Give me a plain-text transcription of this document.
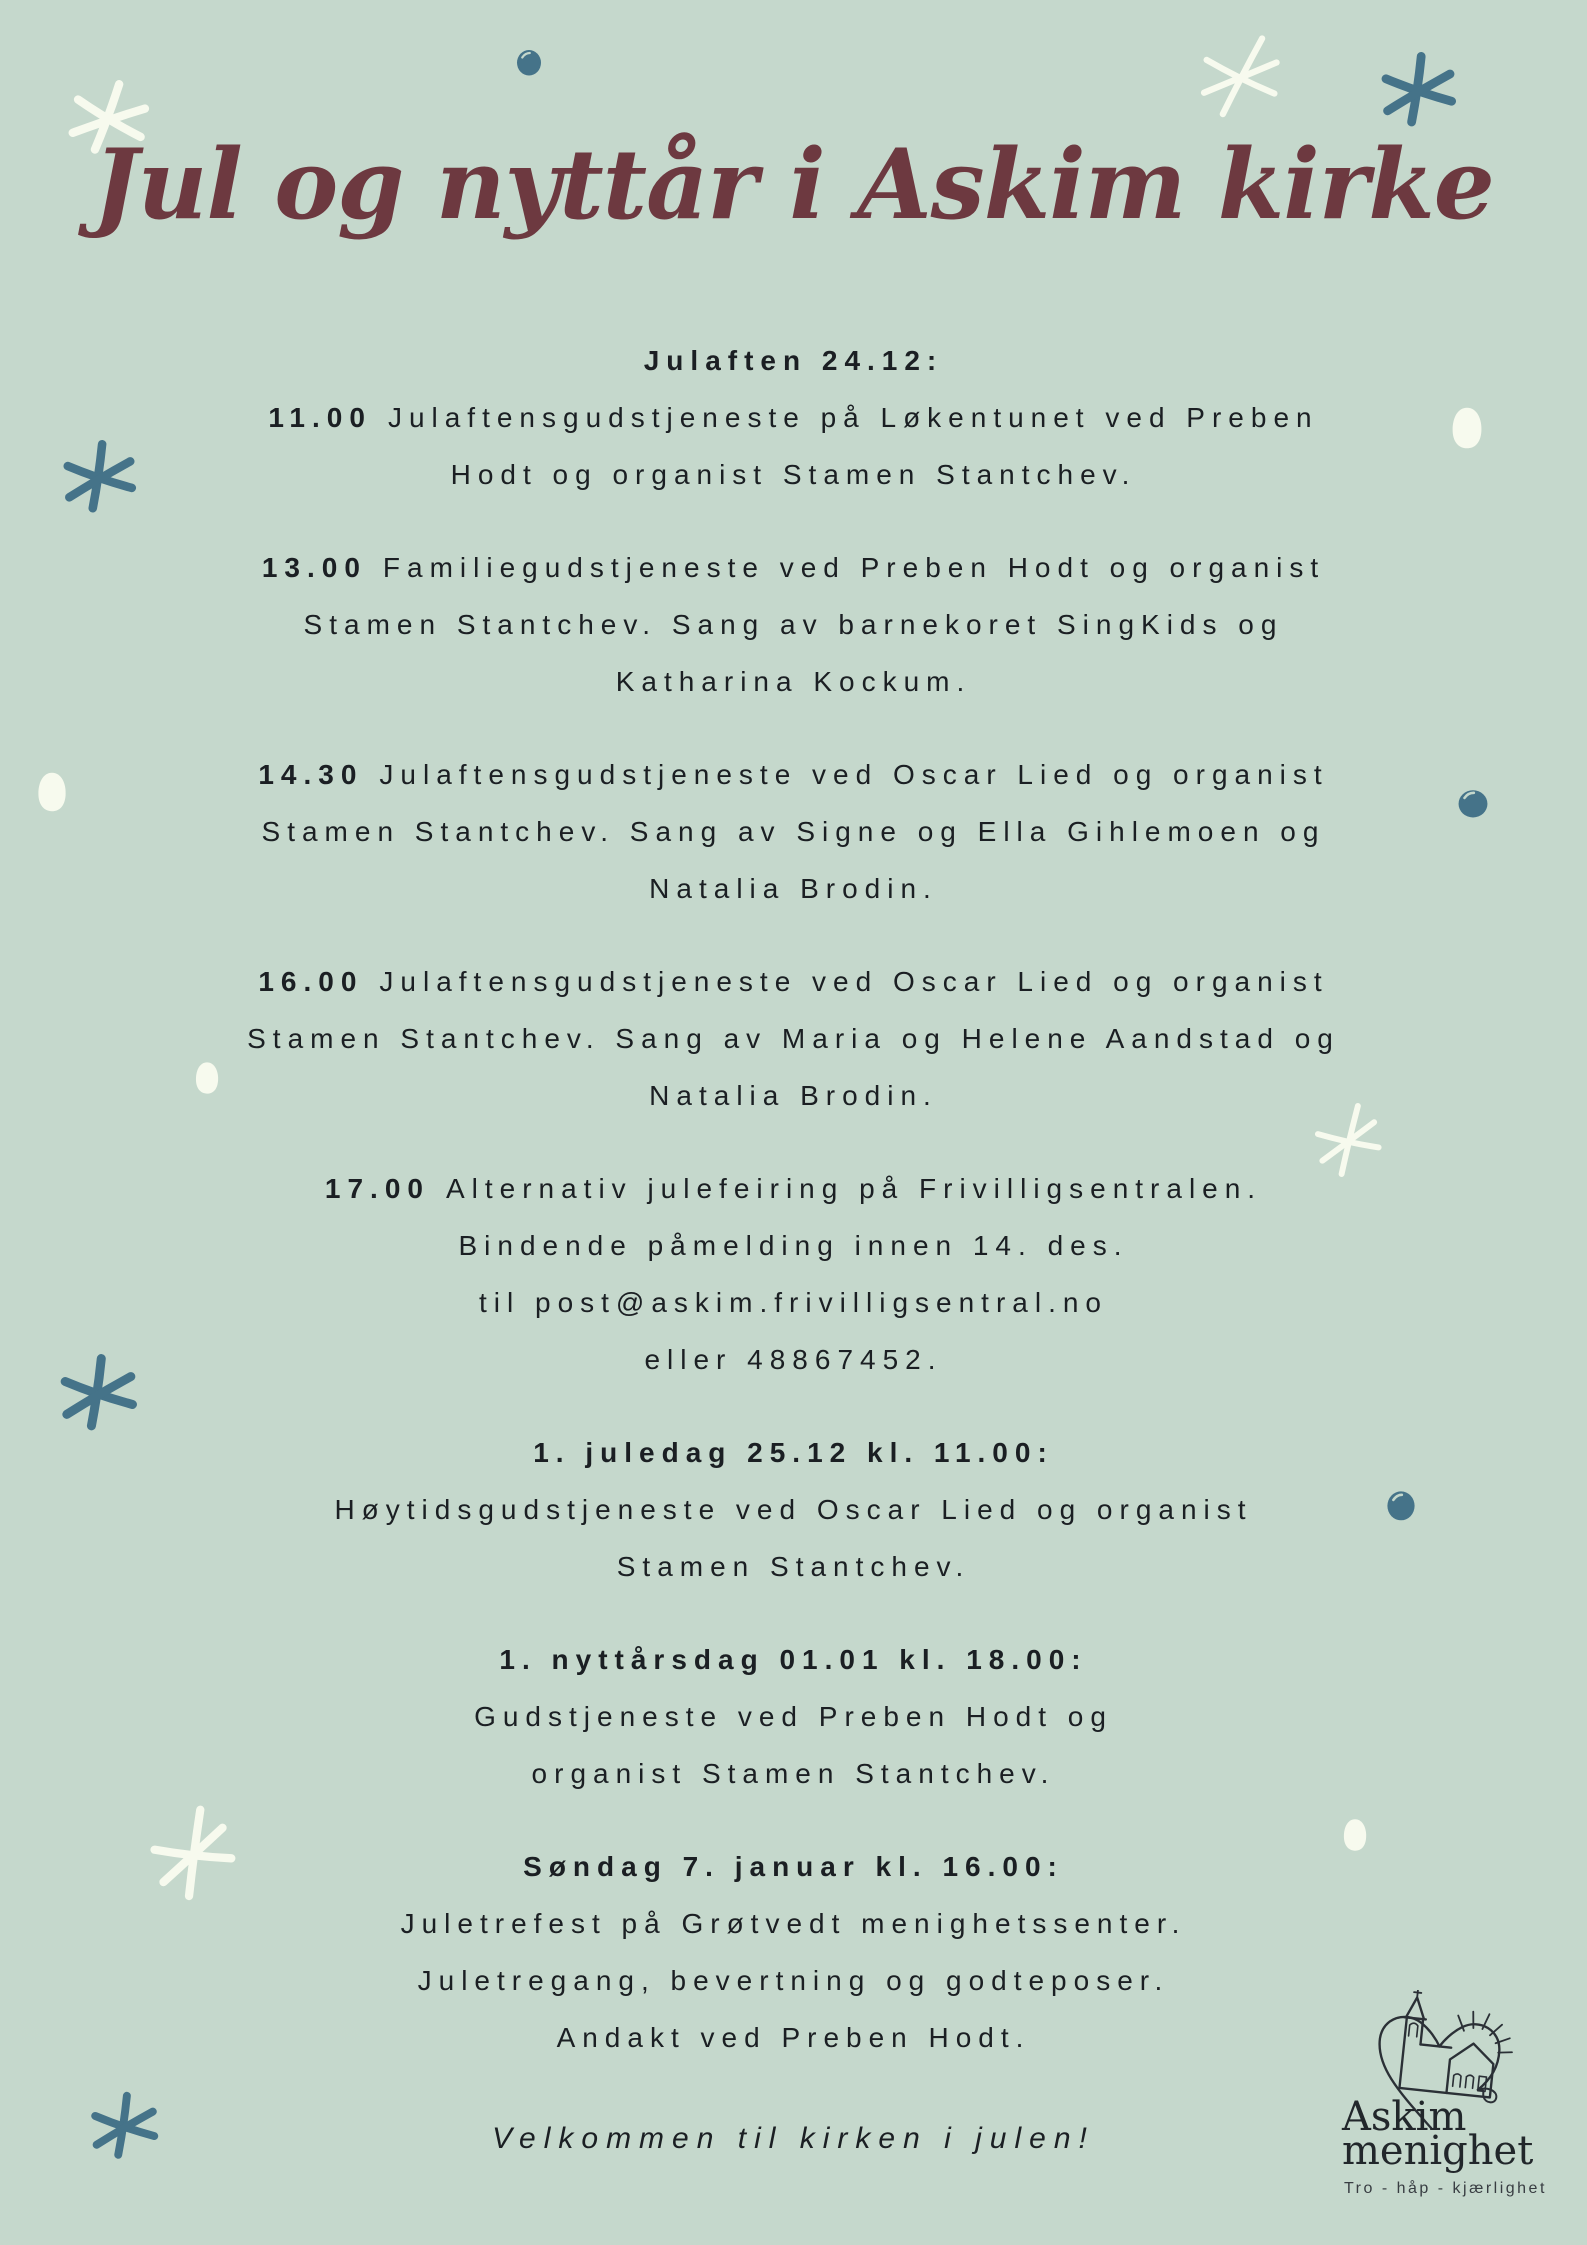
Jul og nyttår i Askim kirke

Julaften 24.12:

11.00 Julaftensgudstjeneste på Løkentunet ved Preben
Hodt og organist Stamen Stantchev.

13.00 Familiegudstjeneste ved Preben Hodt og organist
Stamen Stantchev. Sang av barnekoret SingKids og
Katharina Kockum.

14.30 Julaftensgudstjeneste ved Oscar Lied og organist
Stamen Stantchev. Sang av Signe og Ella Gihlemoen og
Natalia Brodin.

16.00 Julaftensgudstjeneste ved Oscar Lied og organist
Stamen Stantchev. Sang av Maria og Helene Aandstad og
Natalia Brodin.

17.00 Alternativ julefeiring på Frivilligsentralen.
Bindende påmelding innen 14. des.
til post@askim.frivilligsentral.no
eller 48867452.

1. juledag 25.12 kl. 11.00:

Høytidsgudstjeneste ved Oscar Lied og organist
Stamen Stantchev.

1. nyttårsdag 01.01 kl. 18.00:

Gudstjeneste ved Preben Hodt og
organist Stamen Stantchev.

Søndag 7. januar kl. 16.00:

Juletrefest på Grøtvedt menighetssenter.
Juletregang, bevertning og godteposer.
Andakt ved Preben Hodt.

Velkommen til kirken i julen!	Askim
menighet
Tro - håp - kjærlighet
